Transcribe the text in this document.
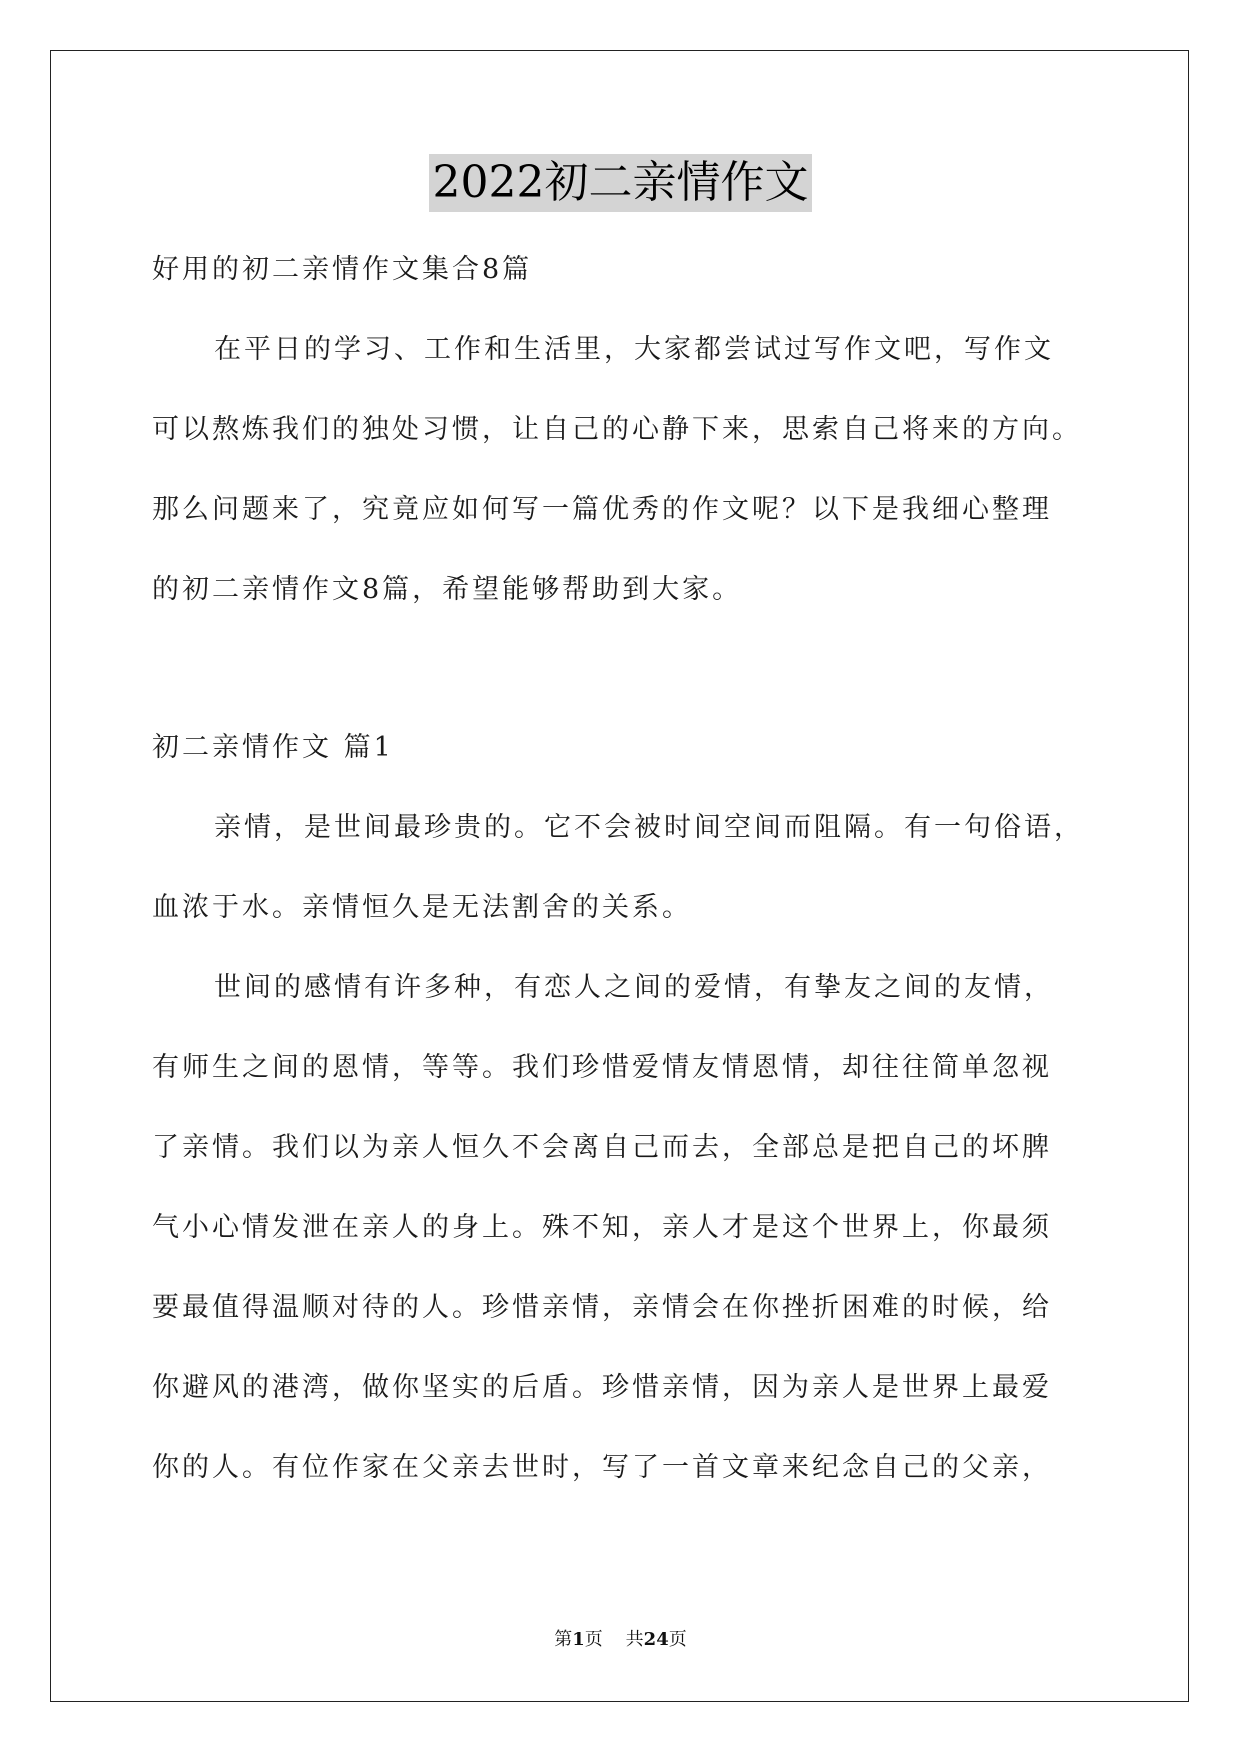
2022初二亲情作文
好用的初二亲情作文集合8篇
在平日的学习、工作和生活里，大家都尝试过写作文吧，写作文
可以熬炼我们的独处习惯，让自己的心静下来，思索自己将来的方向。
那么问题来了，究竟应如何写一篇优秀的作文呢？以下是我细心整理
的初二亲情作文8篇，希望能够帮助到大家。
初二亲情作文 篇1
亲情，是世间最珍贵的。它不会被时间空间而阻隔。有一句俗语，
血浓于水。亲情恒久是无法割舍的关系。
世间的感情有许多种，有恋人之间的爱情，有挚友之间的友情，
有师生之间的恩情，等等。我们珍惜爱情友情恩情，却往往简单忽视
了亲情。我们以为亲人恒久不会离自己而去，全部总是把自己的坏脾
气小心情发泄在亲人的身上。殊不知，亲人才是这个世界上，你最须
要最值得温顺对待的人。珍惜亲情，亲情会在你挫折困难的时候，给
你避风的港湾，做你坚实的后盾。珍惜亲情，因为亲人是世界上最爱
你的人。有位作家在父亲去世时，写了一首文章来纪念自己的父亲，
第1页 共24页
